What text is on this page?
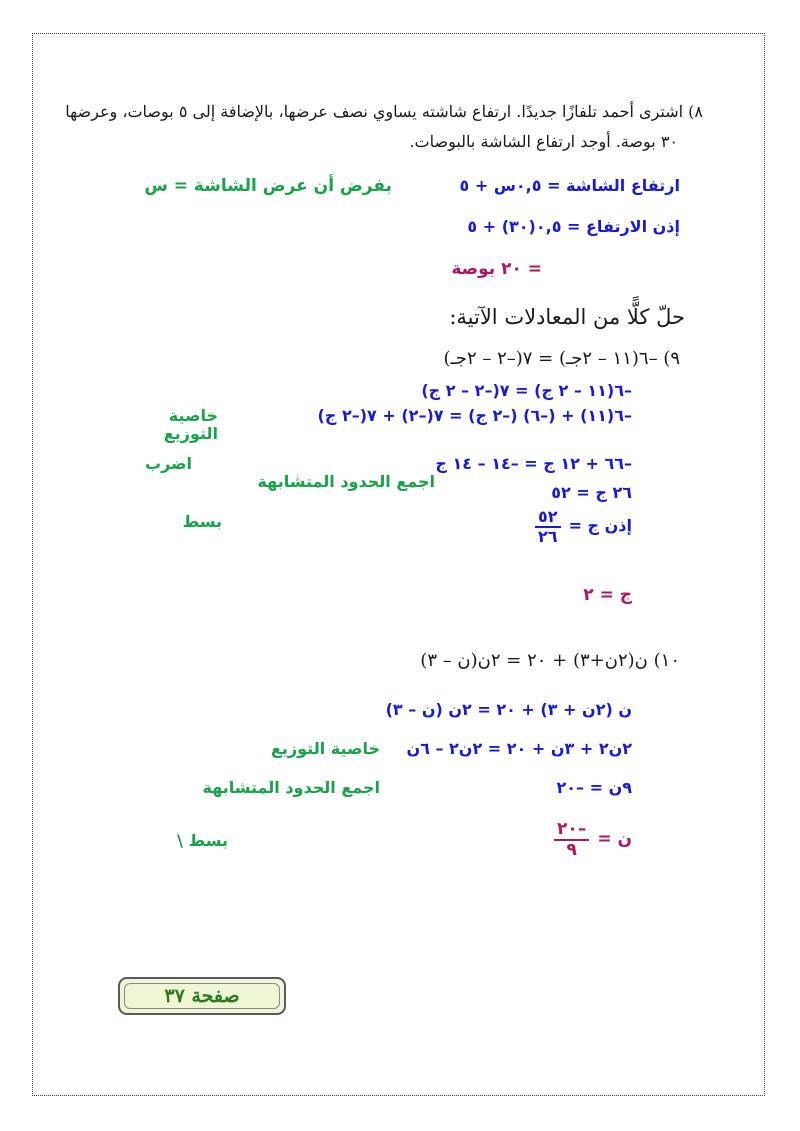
٨) اشترى أحمد تلفازًا جديدًا. ارتفاع شاشته يساوي نصف عرضها، بالإضافة إلى ٥ بوصات، وعرضها
٣٠ بوصة. أوجد ارتفاع الشاشة بالبوصات.
ارتفاع الشاشة = ٠,٥س + ٥
بفرض أن عرض الشاشة = س
إذن الارتفاع = ٠,٥(٣٠) + ٥
= ٢٠ بوصة
حلّ كلًّا من المعادلات الآتية:
٩) –٦(١١ – ٢جـ) = ٧(–٢ – ٢جـ)
–٦(١١ – ٢ ج) = ٧(–٢ – ٢ ج)
–٦(١١) + (–٦) (–٢ ج) = ٧(–٢) + ٧(–٢ ج)
خاصية التوزيع
–٦٦ + ١٢ ج = –١٤ – ١٤ ج
اضرب
٢٦ ج = ٥٢
اجمع الحدود المتشابهة
إذن ج =
$\frac{٥٢}{٢٦}$
بسط
ج = ٢
١٠) ن(٢ن+٣) + ٢٠ = ٢ن(ن – ٣)
ن (٢ن + ٣) + ٢٠ = ٢ن (ن – ٣)
٢ن٢ + ٣ن + ٢٠ = ٢ن٢ – ٦ن
خاصية التوزيع
٩ن = –٢٠
اجمع الحدود المتشابهة
ن =
$\frac{-٢٠}{٩}$
بسط \
صفحة ٣٧
